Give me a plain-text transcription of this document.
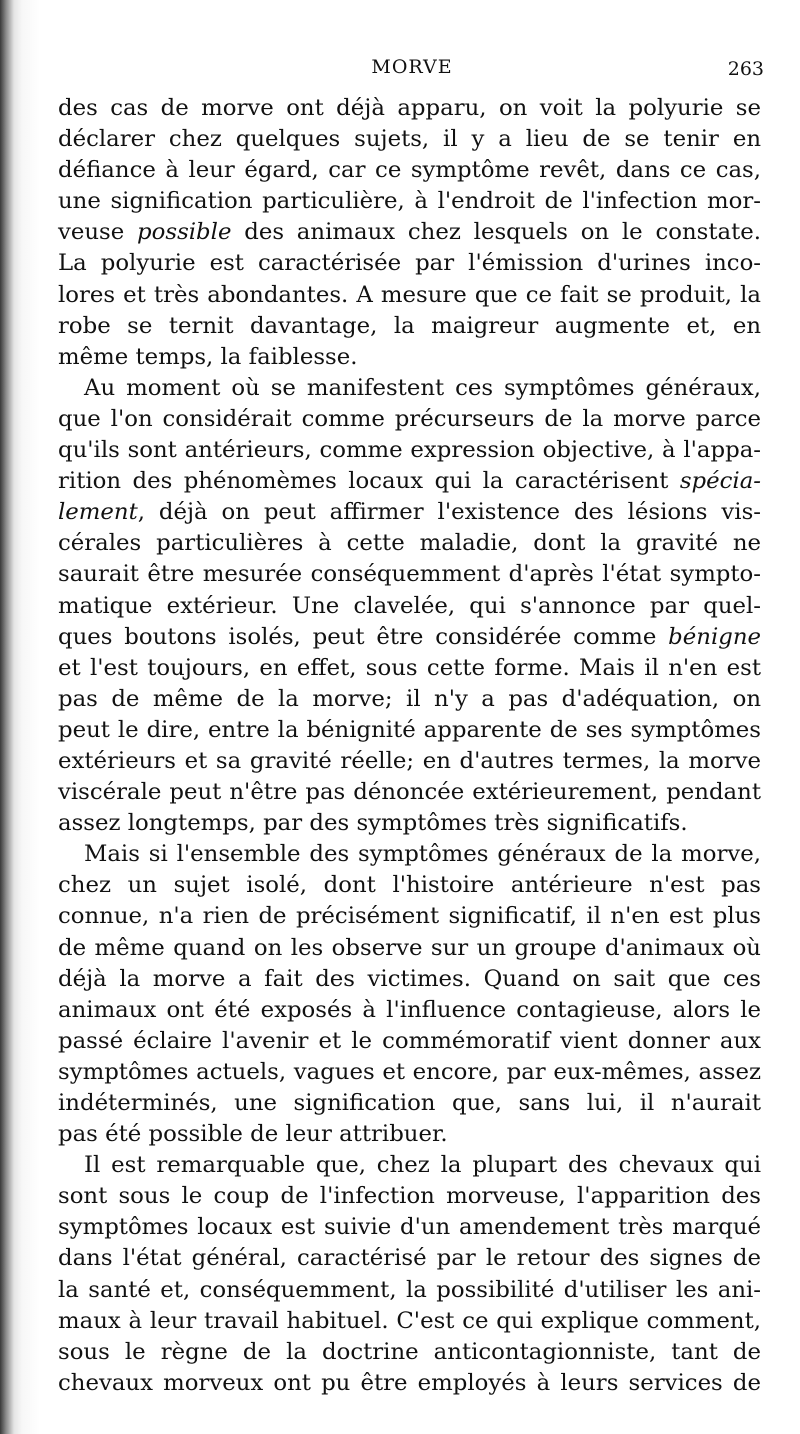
MORVE	263
des cas de morve ont déjà apparu, on voit la polyurie se
déclarer chez quelques sujets, il y a lieu de se tenir en
défiance à leur égard, car ce symptôme revêt, dans ce cas,
une signification particulière, à l'endroit de l'infection mor-
veuse possible des animaux chez lesquels on le constate.
La polyurie est caractérisée par l'émission d'urines inco-
lores et très abondantes. A mesure que ce fait se produit, la
robe se ternit davantage, la maigreur augmente et, en
même temps, la faiblesse.
Au moment où se manifestent ces symptômes généraux,
que l'on considérait comme précurseurs de la morve parce
qu'ils sont antérieurs, comme expression objective, à l'appa-
rition des phénomèmes locaux qui la caractérisent spécia-
lement, déjà on peut affirmer l'existence des lésions vis-
cérales particulières à cette maladie, dont la gravité ne
saurait être mesurée conséquemment d'après l'état sympto-
matique extérieur. Une clavelée, qui s'annonce par quel-
ques boutons isolés, peut être considérée comme bénigne
et l'est toujours, en effet, sous cette forme. Mais il n'en est
pas de même de la morve; il n'y a pas d'adéquation, on
peut le dire, entre la bénignité apparente de ses symptômes
extérieurs et sa gravité réelle; en d'autres termes, la morve
viscérale peut n'être pas dénoncée extérieurement, pendant
assez longtemps, par des symptômes très significatifs.
Mais si l'ensemble des symptômes généraux de la morve,
chez un sujet isolé, dont l'histoire antérieure n'est pas
connue, n'a rien de précisément significatif, il n'en est plus
de même quand on les observe sur un groupe d'animaux où
déjà la morve a fait des victimes. Quand on sait que ces
animaux ont été exposés à l'influence contagieuse, alors le
passé éclaire l'avenir et le commémoratif vient donner aux
symptômes actuels, vagues et encore, par eux-mêmes, assez
indéterminés, une signification que, sans lui, il n'aurait
pas été possible de leur attribuer.
Il est remarquable que, chez la plupart des chevaux qui
sont sous le coup de l'infection morveuse, l'apparition des
symptômes locaux est suivie d'un amendement très marqué
dans l'état général, caractérisé par le retour des signes de
la santé et, conséquemment, la possibilité d'utiliser les ani-
maux à leur travail habituel. C'est ce qui explique comment,
sous le règne de la doctrine anticontagionniste, tant de
chevaux morveux ont pu être employés à leurs services de
